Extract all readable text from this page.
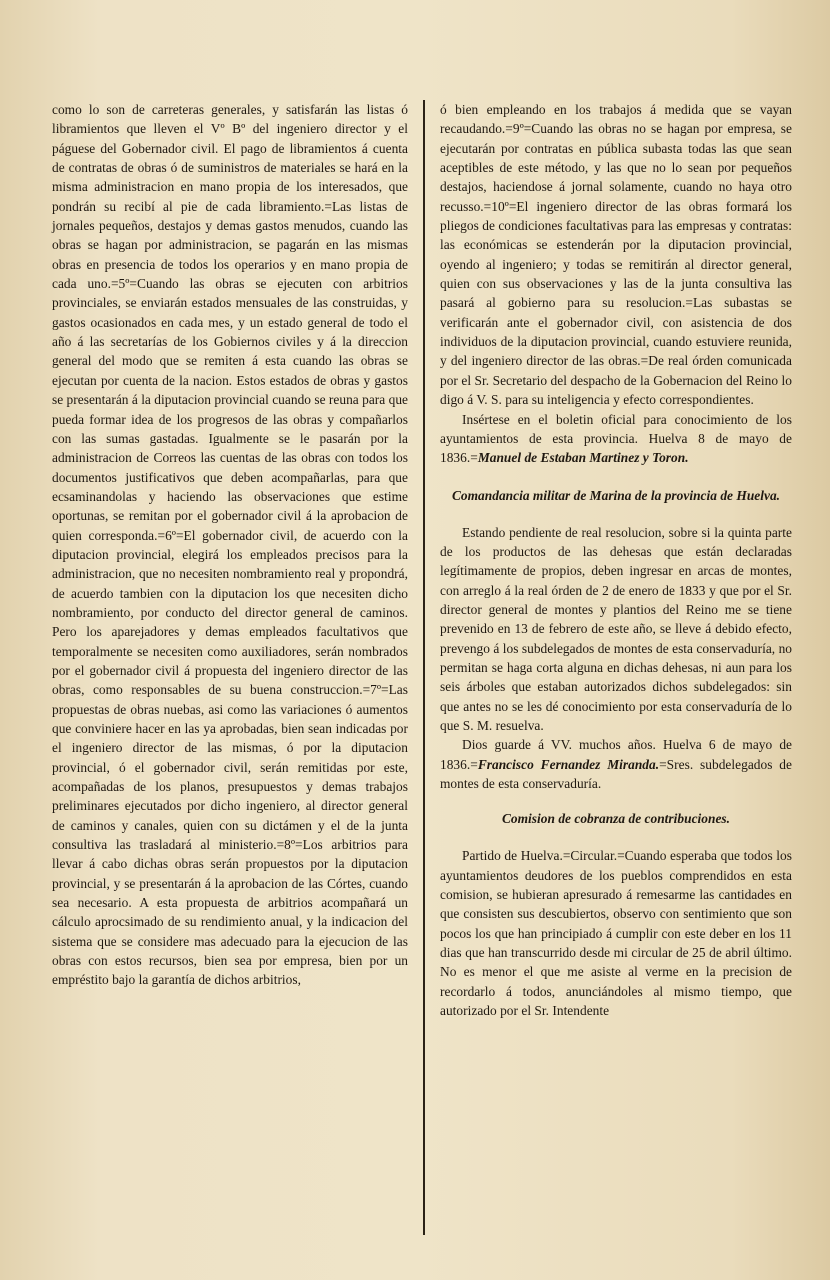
como lo son de carreteras generales, y satisfarán las listas ó libramientos que lleven el Vº Bº del ingeniero director y el páguese del Gobernador civil. El pago de libramientos á cuenta de contratas de obras ó de suministros de materiales se hará en la misma administracion en mano propia de los interesados, que pondrán su recibí al pie de cada libramiento.=Las listas de jornales pequeños, destajos y demas gastos menudos, cuando las obras se hagan por administracion, se pagarán en las mismas obras en presencia de todos los operarios y en mano propia de cada uno.=5º=Cuando las obras se ejecuten con arbitrios provinciales, se enviarán estados mensuales de las construidas, y gastos ocasionados en cada mes, y un estado general de todo el año á las secretarías de los Gobiernos civiles y á la direccion general del modo que se remiten á esta cuando las obras se ejecutan por cuenta de la nacion. Estos estados de obras y gastos se presentarán á la diputacion provincial cuando se reuna para que pueda formar idea de los progresos de las obras y compañarlos con las sumas gastadas. Igualmente se le pasarán por la administracion de Correos las cuentas de las obras con todos los documentos justificativos que deben acompañarlas, para que ecsaminandolas y haciendo las observaciones que estime oportunas, se remitan por el gobernador civil á la aprobacion de quien corresponda.=6º=El gobernador civil, de acuerdo con la diputacion provincial, elegirá los empleados precisos para la administracion, que no necesiten nombramiento real y propondrá, de acuerdo tambien con la diputacion los que necesiten dicho nombramiento, por conducto del director general de caminos. Pero los aparejadores y demas empleados facultativos que temporalmente se necesiten como auxiliadores, serán nombrados por el gobernador civil á propuesta del ingeniero director de las obras, como responsables de su buena construccion.=7º=Las propuestas de obras nuebas, asi como las variaciones ó aumentos que conviniere hacer en las ya aprobadas, bien sean indicadas por el ingeniero director de las mismas, ó por la diputacion provincial, ó el gobernador civil, serán remitidas por este, acompañadas de los planos, presupuestos y demas trabajos preliminares ejecutados por dicho ingeniero, al director general de caminos y canales, quien con su dictámen y el de la junta consultiva las trasladará al ministerio.=8º=Los arbitrios para llevar á cabo dichas obras serán propuestos por la diputacion provincial, y se presentarán á la aprobacion de las Córtes, cuando sea necesario. A esta propuesta de arbitrios acompañará un cálculo aprocsimado de su rendimiento anual, y la indicacion del sistema que se considere mas adecuado para la ejecucion de las obras con estos recursos, bien sea por empresa, bien por un empréstito bajo la garantía de dichos arbitrios,

ó bien empleando en los trabajos á medida que se vayan recaudando.=9º=Cuando las obras no se hagan por empresa, se ejecutarán por contratas en pública subasta todas las que sean aceptibles de este método, y las que no lo sean por pequeños destajos, haciendose á jornal solamente, cuando no haya otro recusso.=10º=El ingeniero director de las obras formará los pliegos de condiciones facultativas para las empresas y contratas: las económicas se estenderán por la diputacion provincial, oyendo al ingeniero; y todas se remitirán al director general, quien con sus observaciones y las de la junta consultiva las pasará al gobierno para su resolucion.=Las subastas se verificarán ante el gobernador civil, con asistencia de dos individuos de la diputacion provincial, cuando estuviere reunida, y del ingeniero director de las obras.=De real órden comunicada por el Sr. Secretario del despacho de la Gobernacion del Reino lo digo á V. S. para su inteligencia y efecto correspondientes.

Insértese en el boletin oficial para conocimiento de los ayuntamientos de esta provincia. Huelva 8 de mayo de 1836.=Manuel de Estaban Martinez y Toron.

Comandancia militar de Marina de la provincia de Huelva.

Estando pendiente de real resolucion, sobre si la quinta parte de los productos de las dehesas que están declaradas legítimamente de propios, deben ingresar en arcas de montes, con arreglo á la real órden de 2 de enero de 1833 y que por el Sr. director general de montes y plantios del Reino me se tiene prevenido en 13 de febrero de este año, se lleve á debido efecto, prevengo á los subdelegados de montes de esta conservaduría, no permitan se haga corta alguna en dichas dehesas, ni aun para los seis árboles que estaban autorizados dichos subdelegados: sin que antes no se les dé conocimiento por esta conservaduría de lo que S. M. resuelva.

Dios guarde á VV. muchos años. Huelva 6 de mayo de 1836.=Francisco Fernandez Miranda.=Sres. subdelegados de montes de esta conservaduría.

Comision de cobranza de contribuciones.

Partido de Huelva.=Circular.=Cuando esperaba que todos los ayuntamientos deudores de los pueblos comprendidos en esta comision, se hubieran apresurado á remesarme las cantidades en que consisten sus descubiertos, observo con sentimiento que son pocos los que han principiado á cumplir con este deber en los 11 dias que han transcurrido desde mi circular de 25 de abril último. No es menor el que me asiste al verme en la precision de recordarlo á todos, anunciándoles al mismo tiempo, que autorizado por el Sr. Intendente
